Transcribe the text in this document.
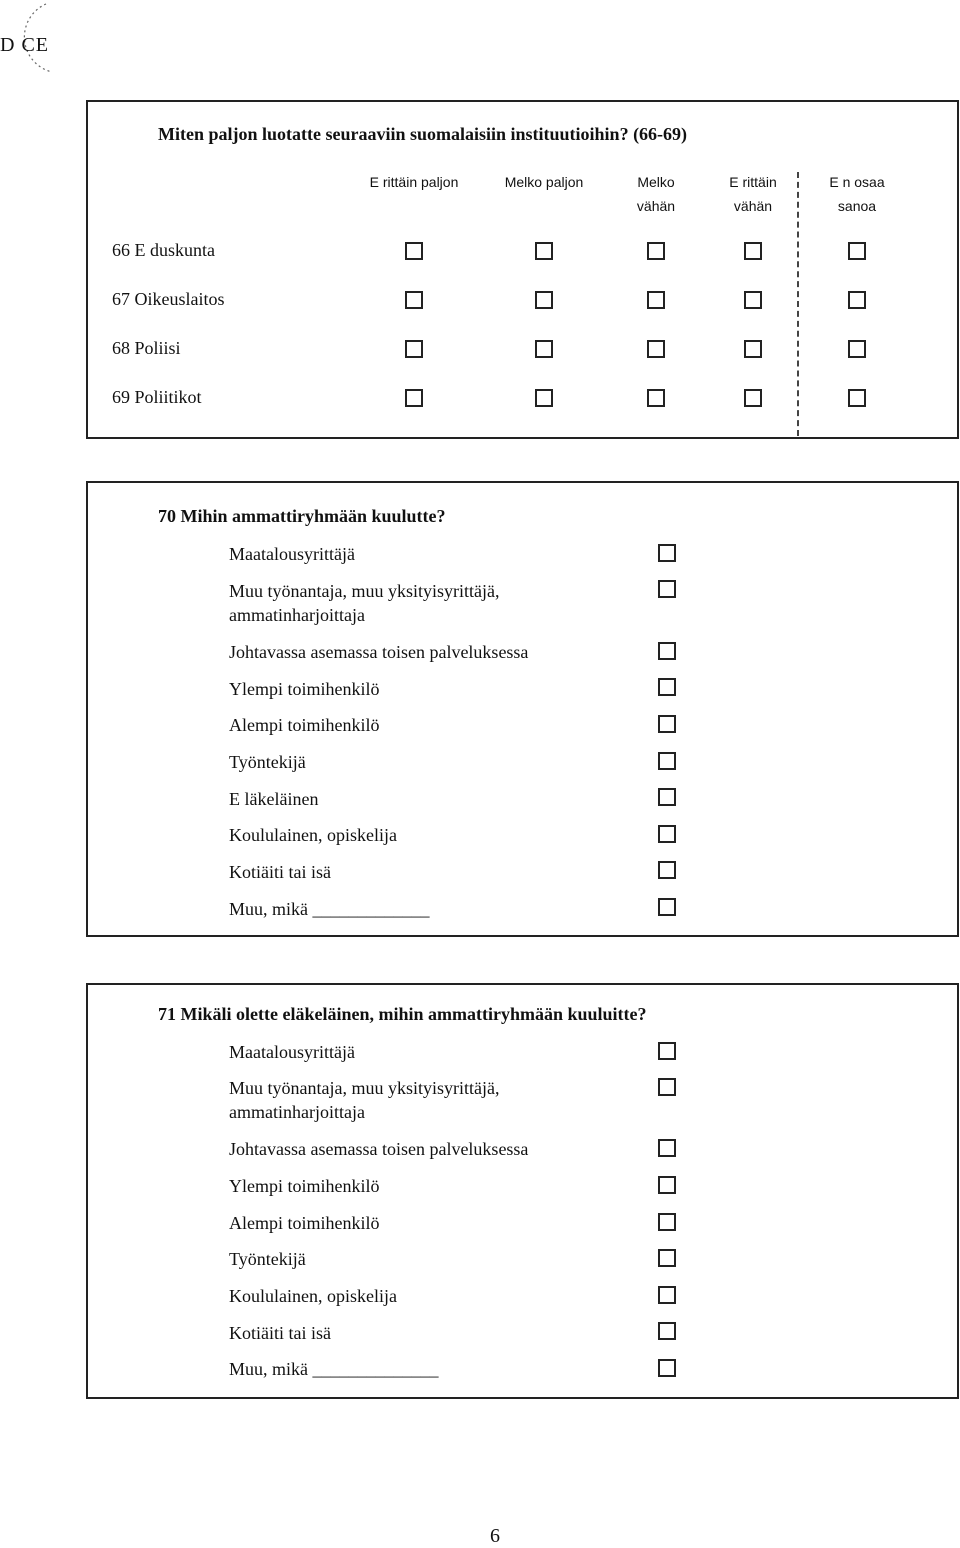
D CE
Miten paljon luotatte seuraaviin suomalaisiin instituutioihin? (66-69)
E rittäin paljon	Melko paljon	Melko
vähän
E rittäin
vähän
E n osaa
sanoa
66 E duskunta
67 Oikeuslaitos
68 Poliisi
69 Poliitikot
70 Mihin ammattiryhmään kuulutte?
Maatalousyrittäjä
Muu työnantaja, muu yksityisyrittäjä,
ammatinharjoittaja
Johtavassa asemassa toisen palveluksessa
Ylempi toimihenkilö
Alempi toimihenkilö
Työntekijä
E läkeläinen
Koululainen, opiskelija
Kotiäiti tai isä
Muu, mikä _____________
71 Mikäli olette eläkeläinen, mihin ammattiryhmään kuuluitte?
Maatalousyrittäjä
Muu työnantaja, muu yksityisyrittäjä,
ammatinharjoittaja
Johtavassa asemassa toisen palveluksessa
Ylempi toimihenkilö
Alempi toimihenkilö
Työntekijä
Koululainen, opiskelija
Kotiäiti tai isä
Muu, mikä ______________
6
